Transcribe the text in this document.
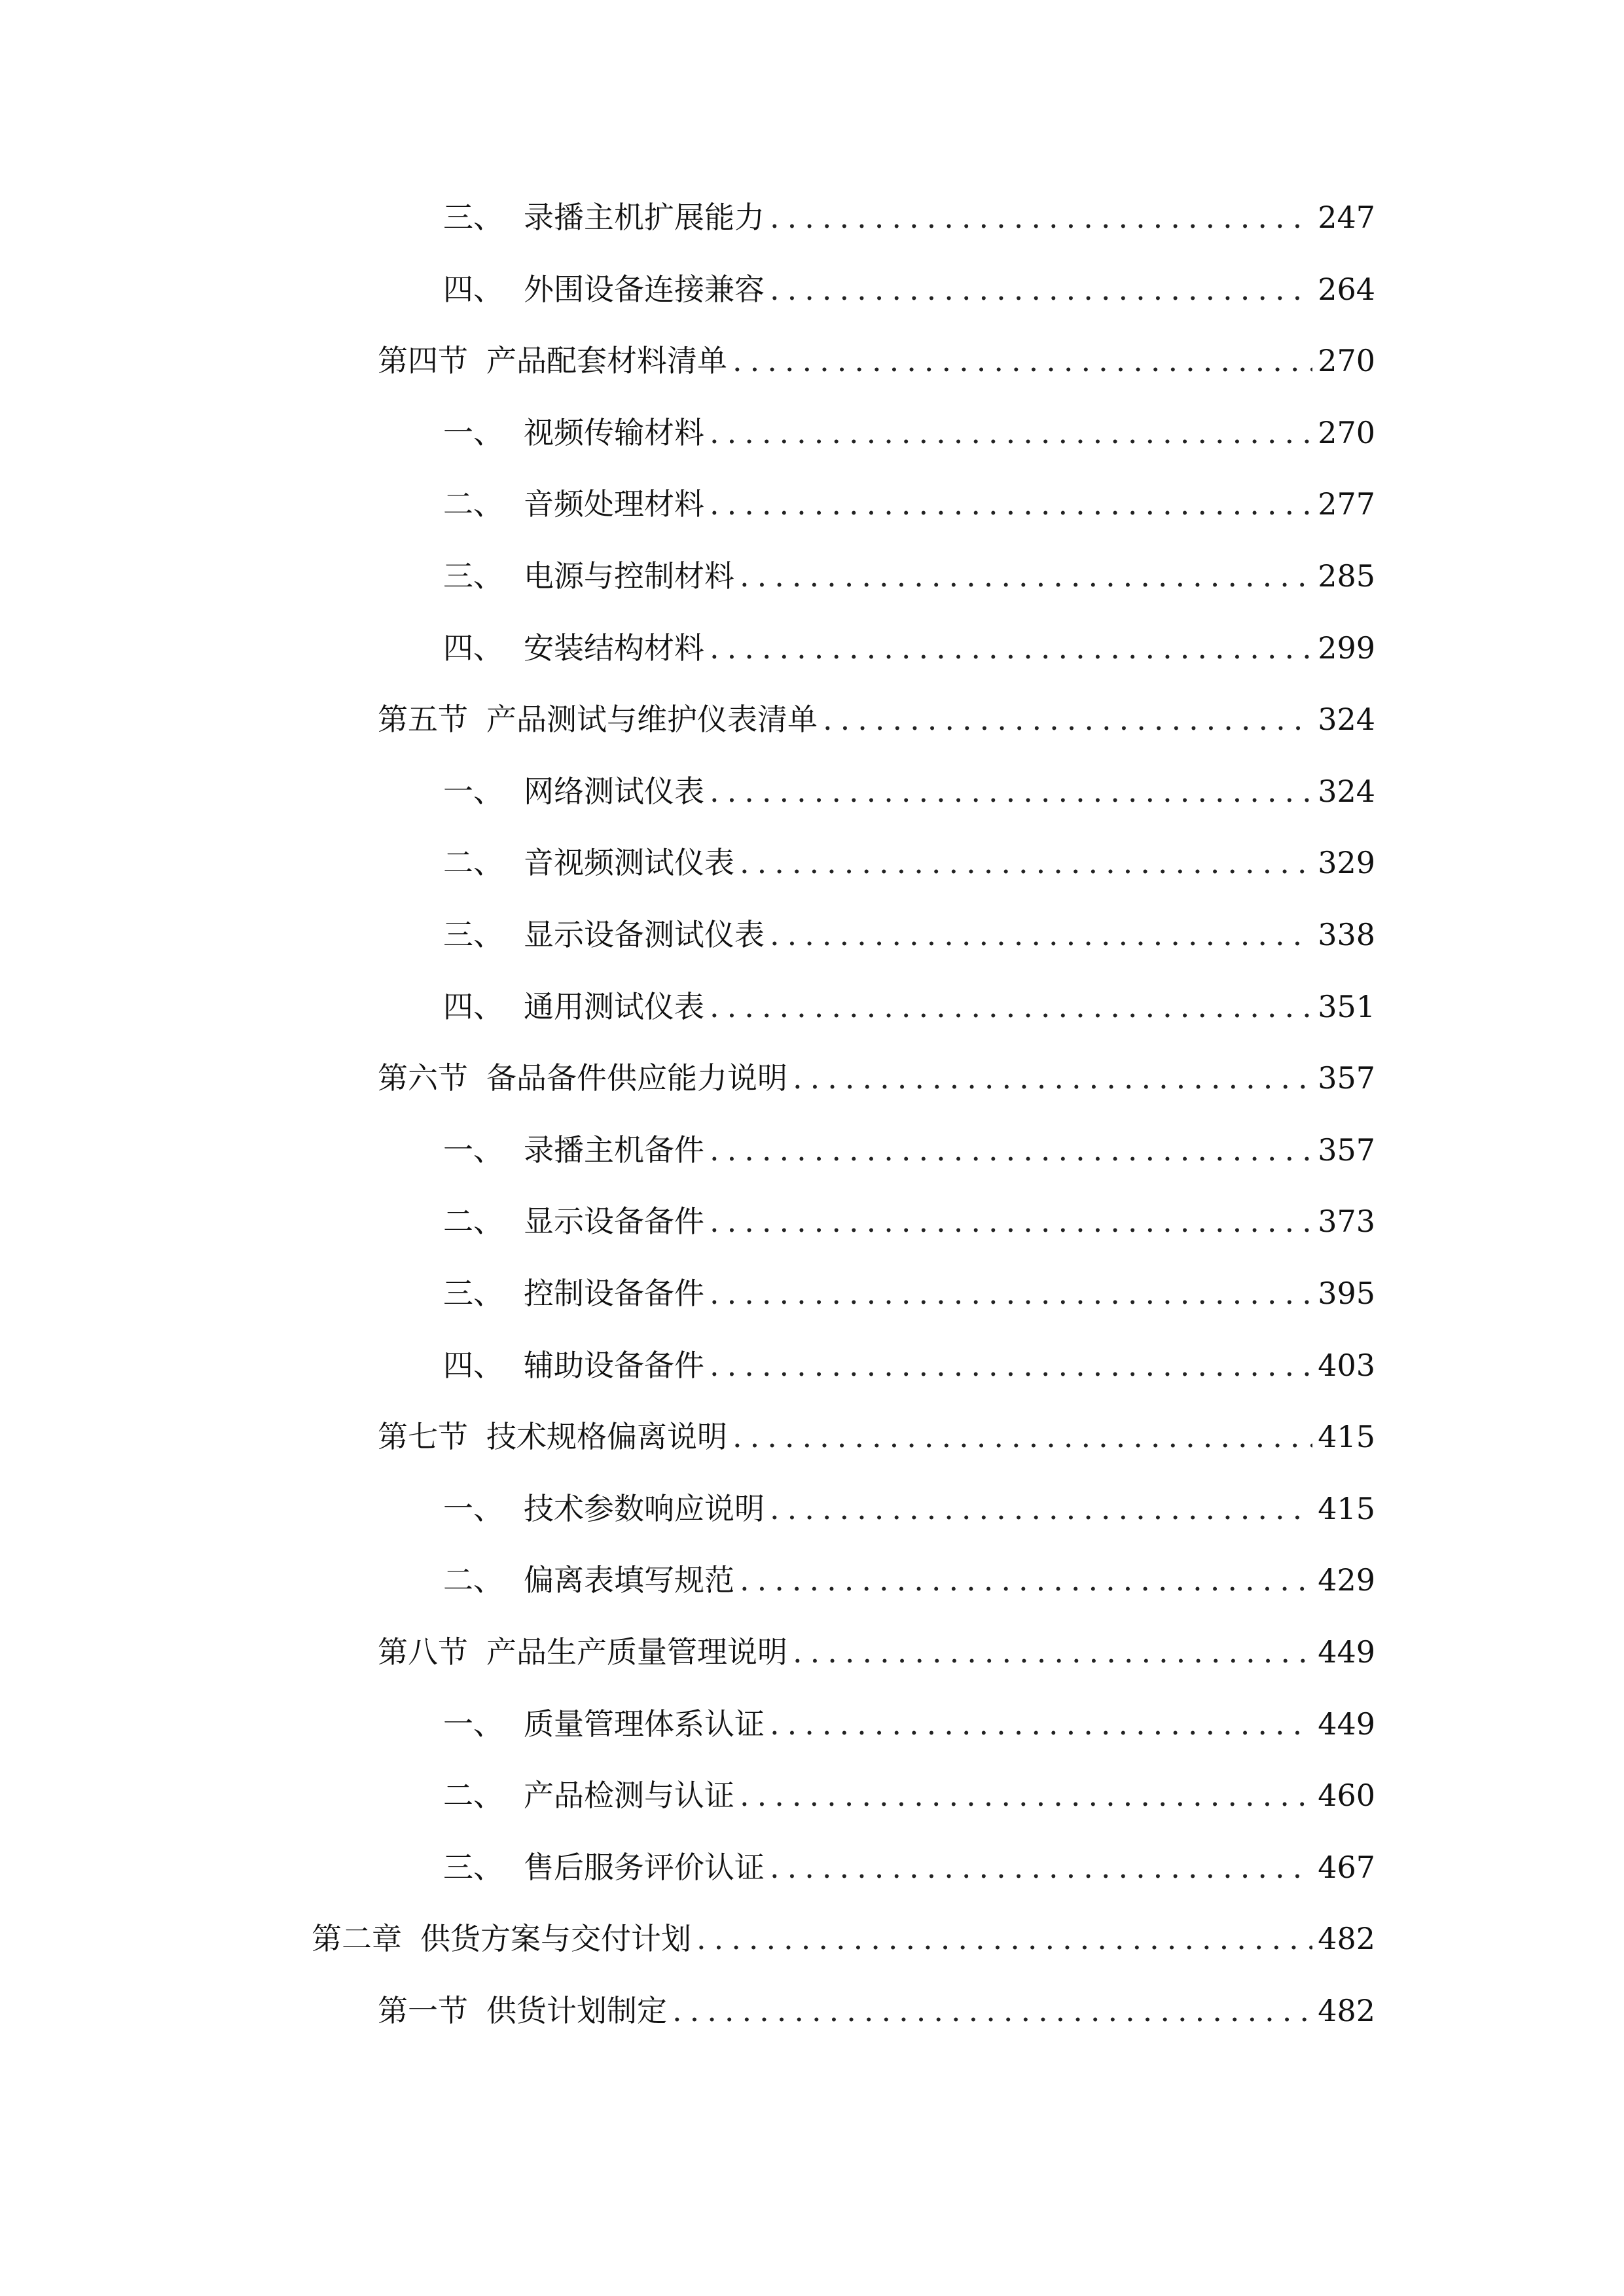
三、 录播主机扩展能力 .....	247
四、 外围设备连接兼容 .....	264
第四节 产品配套材料清单 .....	270
一、 视频传输材料 .....	270
二、 音频处理材料 .....	277
三、 电源与控制材料 .....	285
四、 安装结构材料 .....	299
第五节 产品测试与维护仪表清单 .....	324
一、 网络测试仪表 .....	324
二、 音视频测试仪表 .....	329
三、 显示设备测试仪表 .....	338
四、 通用测试仪表 .....	351
第六节 备品备件供应能力说明 .....	357
一、 录播主机备件 .....	357
二、 显示设备备件 .....	373
三、 控制设备备件 .....	395
四、 辅助设备备件 .....	403
第七节 技术规格偏离说明 .....	415
一、 技术参数响应说明 .....	415
二、 偏离表填写规范 .....	429
第八节 产品生产质量管理说明 .....	449
一、 质量管理体系认证 .....	449
二、 产品检测与认证 .....	460
三、 售后服务评价认证 .....	467
第二章 供货方案与交付计划 .....	482
第一节 供货计划制定 .....	482
